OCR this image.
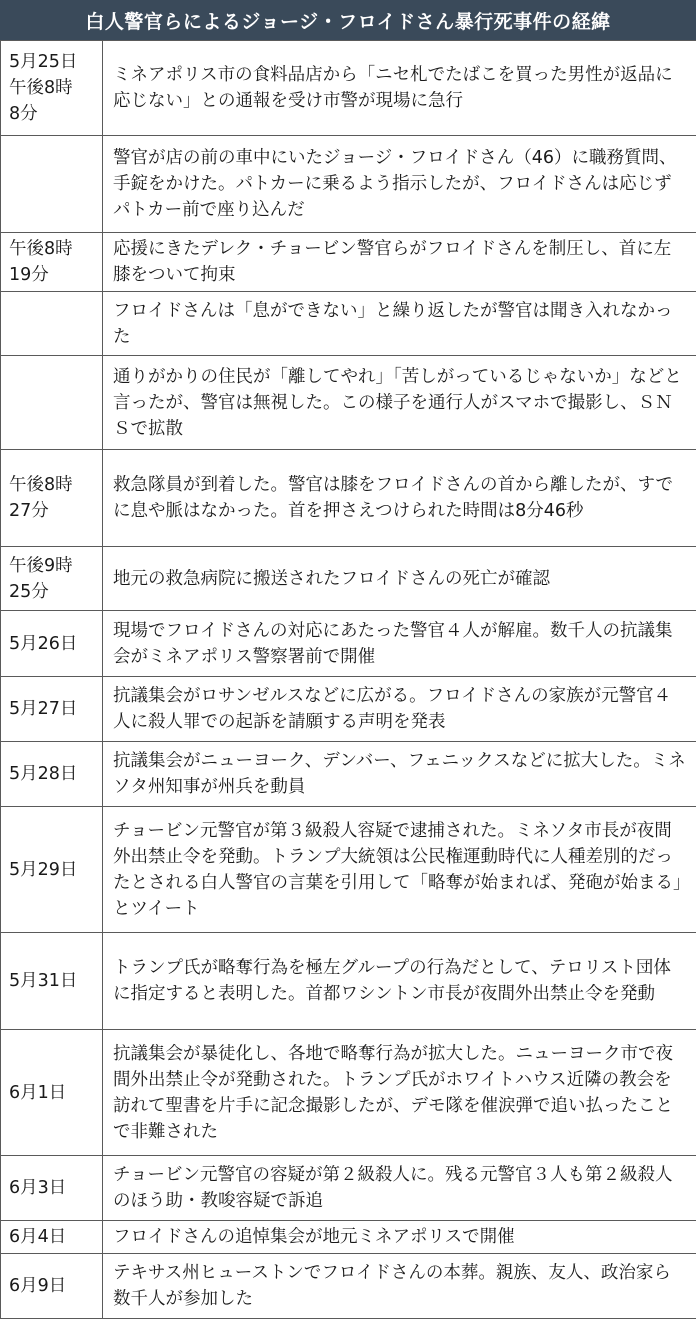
白人警官らによるジョージ・フロイドさん暴行死事件の経緯
5月25日
午後8時
8分	ミネアポリス市の食料品店から「ニセ札でたばこを買った男性が返品に応じない」との通報を受け市警が現場に急行
	警官が店の前の車中にいたジョージ・フロイドさん（46）に職務質問、手錠をかけた。パトカーに乗るよう指示したが、フロイドさんは応じずパトカー前で座り込んだ
午後8時
19分	応援にきたデレク・チョービン警官らがフロイドさんを制圧し、首に左膝をついて拘束
	フロイドさんは「息ができない」と繰り返したが警官は聞き入れなかった
	通りがかりの住民が「離してやれ」「苦しがっているじゃないか」などと言ったが、警官は無視した。この様子を通行人がスマホで撮影し、ＳＮＳで拡散
午後8時
27分	救急隊員が到着した。警官は膝をフロイドさんの首から離したが、すでに息や脈はなかった。首を押さえつけられた時間は8分46秒
午後9時
25分	地元の救急病院に搬送されたフロイドさんの死亡が確認
5月26日	現場でフロイドさんの対応にあたった警官４人が解雇。数千人の抗議集会がミネアポリス警察署前で開催
5月27日	抗議集会がロサンゼルスなどに広がる。フロイドさんの家族が元警官４人に殺人罪での起訴を請願する声明を発表
5月28日	抗議集会がニューヨーク、デンバー、フェニックスなどに拡大した。ミネソタ州知事が州兵を動員
5月29日	チョービン元警官が第３級殺人容疑で逮捕された。ミネソタ市長が夜間外出禁止令を発動。トランプ大統領は公民権運動時代に人種差別的だったとされる白人警官の言葉を引用して「略奪が始まれば、発砲が始まる」とツイート
5月31日	トランプ氏が略奪行為を極左グループの行為だとして、テロリスト団体に指定すると表明した。首都ワシントン市長が夜間外出禁止令を発動
6月1日	抗議集会が暴徒化し、各地で略奪行為が拡大した。ニューヨーク市で夜間外出禁止令が発動された。トランプ氏がホワイトハウス近隣の教会を訪れて聖書を片手に記念撮影したが、デモ隊を催涙弾で追い払ったことで非難された
6月3日	チョービン元警官の容疑が第２級殺人に。残る元警官３人も第２級殺人のほう助・教唆容疑で訴追
6月4日	フロイドさんの追悼集会が地元ミネアポリスで開催
6月9日	テキサス州ヒューストンでフロイドさんの本葬。親族、友人、政治家ら数千人が参加した
